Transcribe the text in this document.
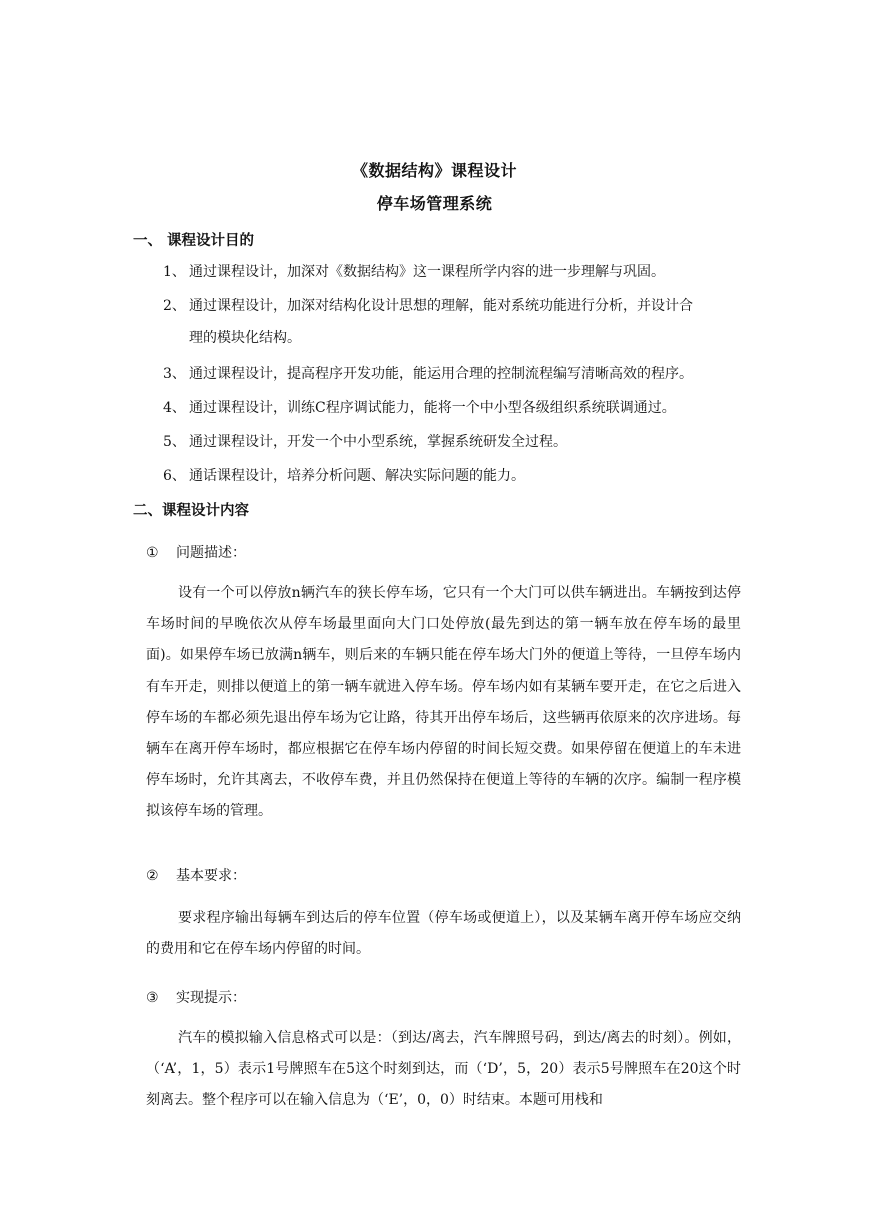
《数据结构》课程设计
停车场管理系统
一、 课程设计目的
1、 通过课程设计，加深对《数据结构》这一课程所学内容的进一步理解与巩固。
2、 通过课程设计，加深对结构化设计思想的理解，能对系统功能进行分析，并设计合
理的模块化结构。
3、 通过课程设计，提高程序开发功能，能运用合理的控制流程编写清晰高效的程序。
4、 通过课程设计，训练C程序调试能力，能将一个中小型各级组织系统联调通过。
5、 通过课程设计，开发一个中小型系统，掌握系统研发全过程。
6、 通话课程设计，培养分析问题、解决实际问题的能力。
二、课程设计内容
① 问题描述：
设有一个可以停放n辆汽车的狭长停车场，它只有一个大门可以供车辆进出。车辆按到达停车场时间的早晚依次从停车场最里面向大门口处停放(最先到达的第一辆车放在停车场的最里面)。如果停车场已放满n辆车，则后来的车辆只能在停车场大门外的便道上等待，一旦停车场内有车开走，则排以便道上的第一辆车就进入停车场。停车场内如有某辆车要开走，在它之后进入停车场的车都必须先退出停车场为它让路，待其开出停车场后，这些辆再依原来的次序进场。每辆车在离开停车场时，都应根据它在停车场内停留的时间长短交费。如果停留在便道上的车未进停车场时，允许其离去，不收停车费，并且仍然保持在便道上等待的车辆的次序。编制一程序模拟该停车场的管理。
② 基本要求：
要求程序输出每辆车到达后的停车位置（停车场或便道上），以及某辆车离开停车场应交纳的费用和它在停车场内停留的时间。
③ 实现提示：
汽车的模拟输入信息格式可以是：（到达/离去，汽车牌照号码，到达/离去的时刻）。例如，（‘A’，1，5）表示1号牌照车在5这个时刻到达，而（‘D’，5，20）表示5号牌照车在20这个时刻离去。整个程序可以在输入信息为（‘E’，0，0）时结束。本题可用栈和
